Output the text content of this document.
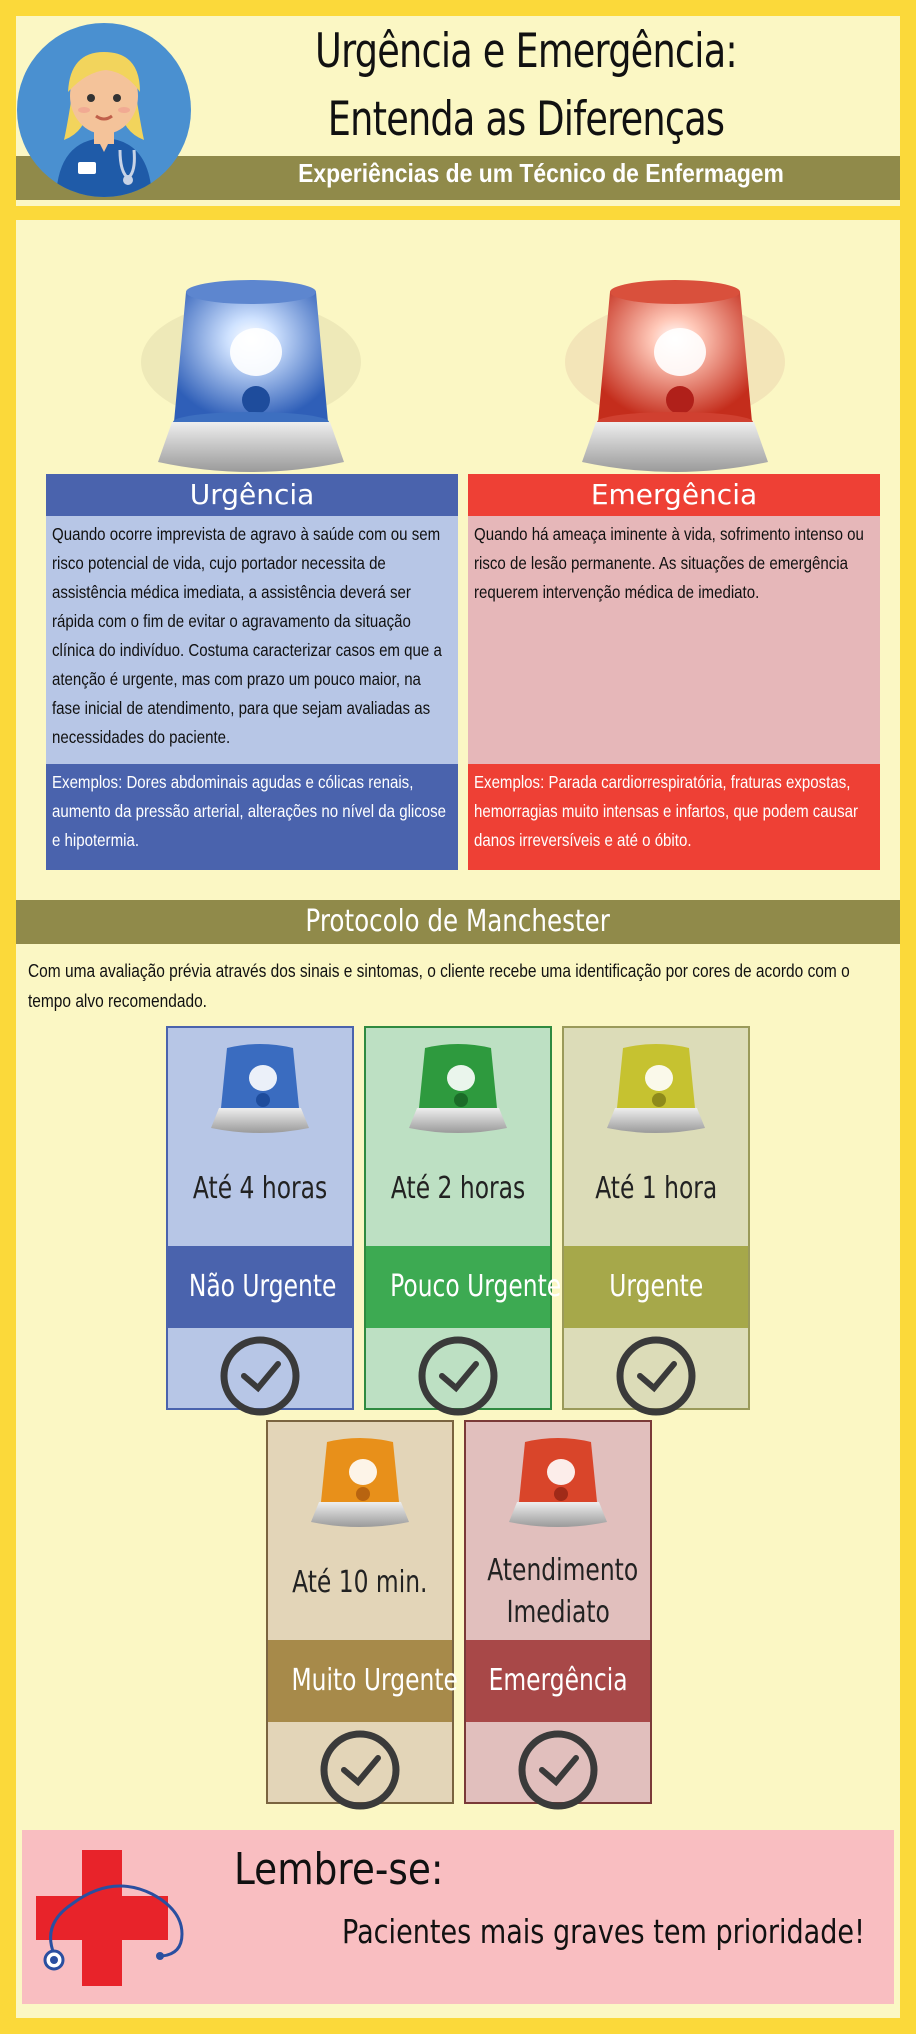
Urgência e Emergência:
Entenda as Diferenças
Experiências de um Técnico de Enfermagem
Urgência
Quando ocorre imprevista de agravo à saúde com ou sem risco potencial de vida, cujo portador necessita de assistência médica imediata, a assistência deverá ser rápida com o fim de evitar o agravamento da situação clínica do indivíduo. Costuma caracterizar casos em que a atenção é urgente, mas com prazo um pouco maior, na fase inicial de atendimento, para que sejam avaliadas as necessidades do paciente.
Exemplos: Dores abdominais agudas e cólicas renais, aumento da pressão arterial, alterações no nível da glicose e hipotermia.
Emergência
Quando há ameaça iminente à vida, sofrimento intenso ou risco de lesão permanente. As situações de emergência requerem intervenção médica de imediato.
Exemplos: Parada cardiorrespiratória, fraturas expostas, hemorragias muito intensas e infartos, que podem causar danos irreversíveis e até o óbito.
Protocolo de Manchester
Com uma avaliação prévia através dos sinais e sintomas, o cliente recebe uma identificação por cores de acordo com o tempo alvo recomendado.
Até 4 horas
Não Urgente
Até 2 horas
Pouco Urgente
Até 1 hora
Urgente
Até 10 min.
Muito Urgente
Atendimento
Imediato
Emergência
Lembre-se:
Pacientes mais graves tem prioridade!
